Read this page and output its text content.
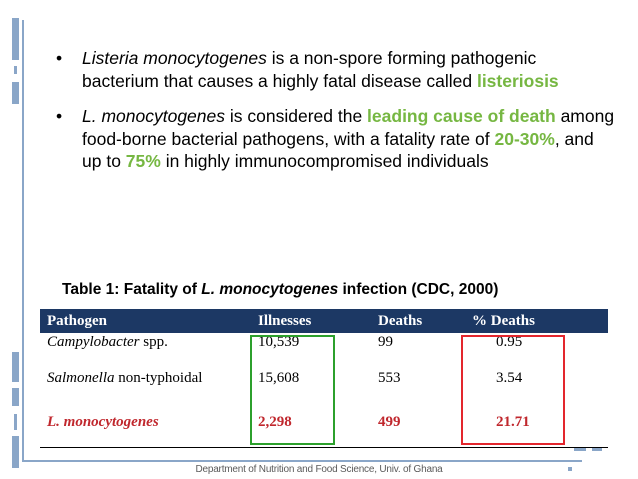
• Listeria monocytogenes is a non-spore forming pathogenic bacterium that causes a highly fatal disease called listeriosis
• L. monocytogenes is considered the leading cause of death among food-borne bacterial pathogens, with a fatality rate of 20-30%, and up to 75% in highly immunocompromised individuals
Table 1: Fatality of L. monocytogenes infection (CDC, 2000)
Pathogen	Illnesses	Deaths	% Deaths
Campylobacter spp.	10,539	99	0.95
Salmonella non-typhoidal	15,608	553	3.54
L. monocytogenes	2,298	499	21.71
Department of Nutrition and Food Science, Univ. of Ghana
